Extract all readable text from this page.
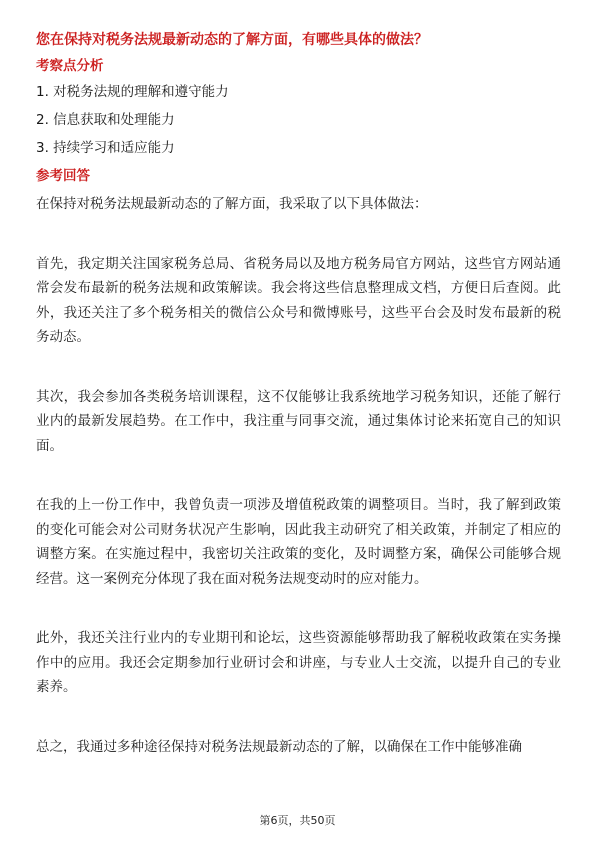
您在保持对税务法规最新动态的了解方面，有哪些具体的做法？
考察点分析
1. 对税务法规的理解和遵守能力
2. 信息获取和处理能力
3. 持续学习和适应能力
参考回答

在保持对税务法规最新动态的了解方面，我采取了以下具体做法：

首先，我定期关注国家税务总局、省税务局以及地方税务局官方网站，这些官方网站通常会发布最新的税务法规和政策解读。我会将这些信息整理成文档，方便日后查阅。此外，我还关注了多个税务相关的微信公众号和微博账号，这些平台会及时发布最新的税务动态。

其次，我会参加各类税务培训课程，这不仅能够让我系统地学习税务知识，还能了解行业内的最新发展趋势。在工作中，我注重与同事交流，通过集体讨论来拓宽自己的知识面。

在我的上一份工作中，我曾负责一项涉及增值税政策的调整项目。当时，我了解到政策的变化可能会对公司财务状况产生影响，因此我主动研究了相关政策，并制定了相应的调整方案。在实施过程中，我密切关注政策的变化，及时调整方案，确保公司能够合规经营。这一案例充分体现了我在面对税务法规变动时的应对能力。

此外，我还关注行业内的专业期刊和论坛，这些资源能够帮助我了解税收政策在实务操作中的应用。我还会定期参加行业研讨会和讲座，与专业人士交流，以提升自己的专业素养。

总之，我通过多种途径保持对税务法规最新动态的了解，以确保在工作中能够准确

第6页，共50页
